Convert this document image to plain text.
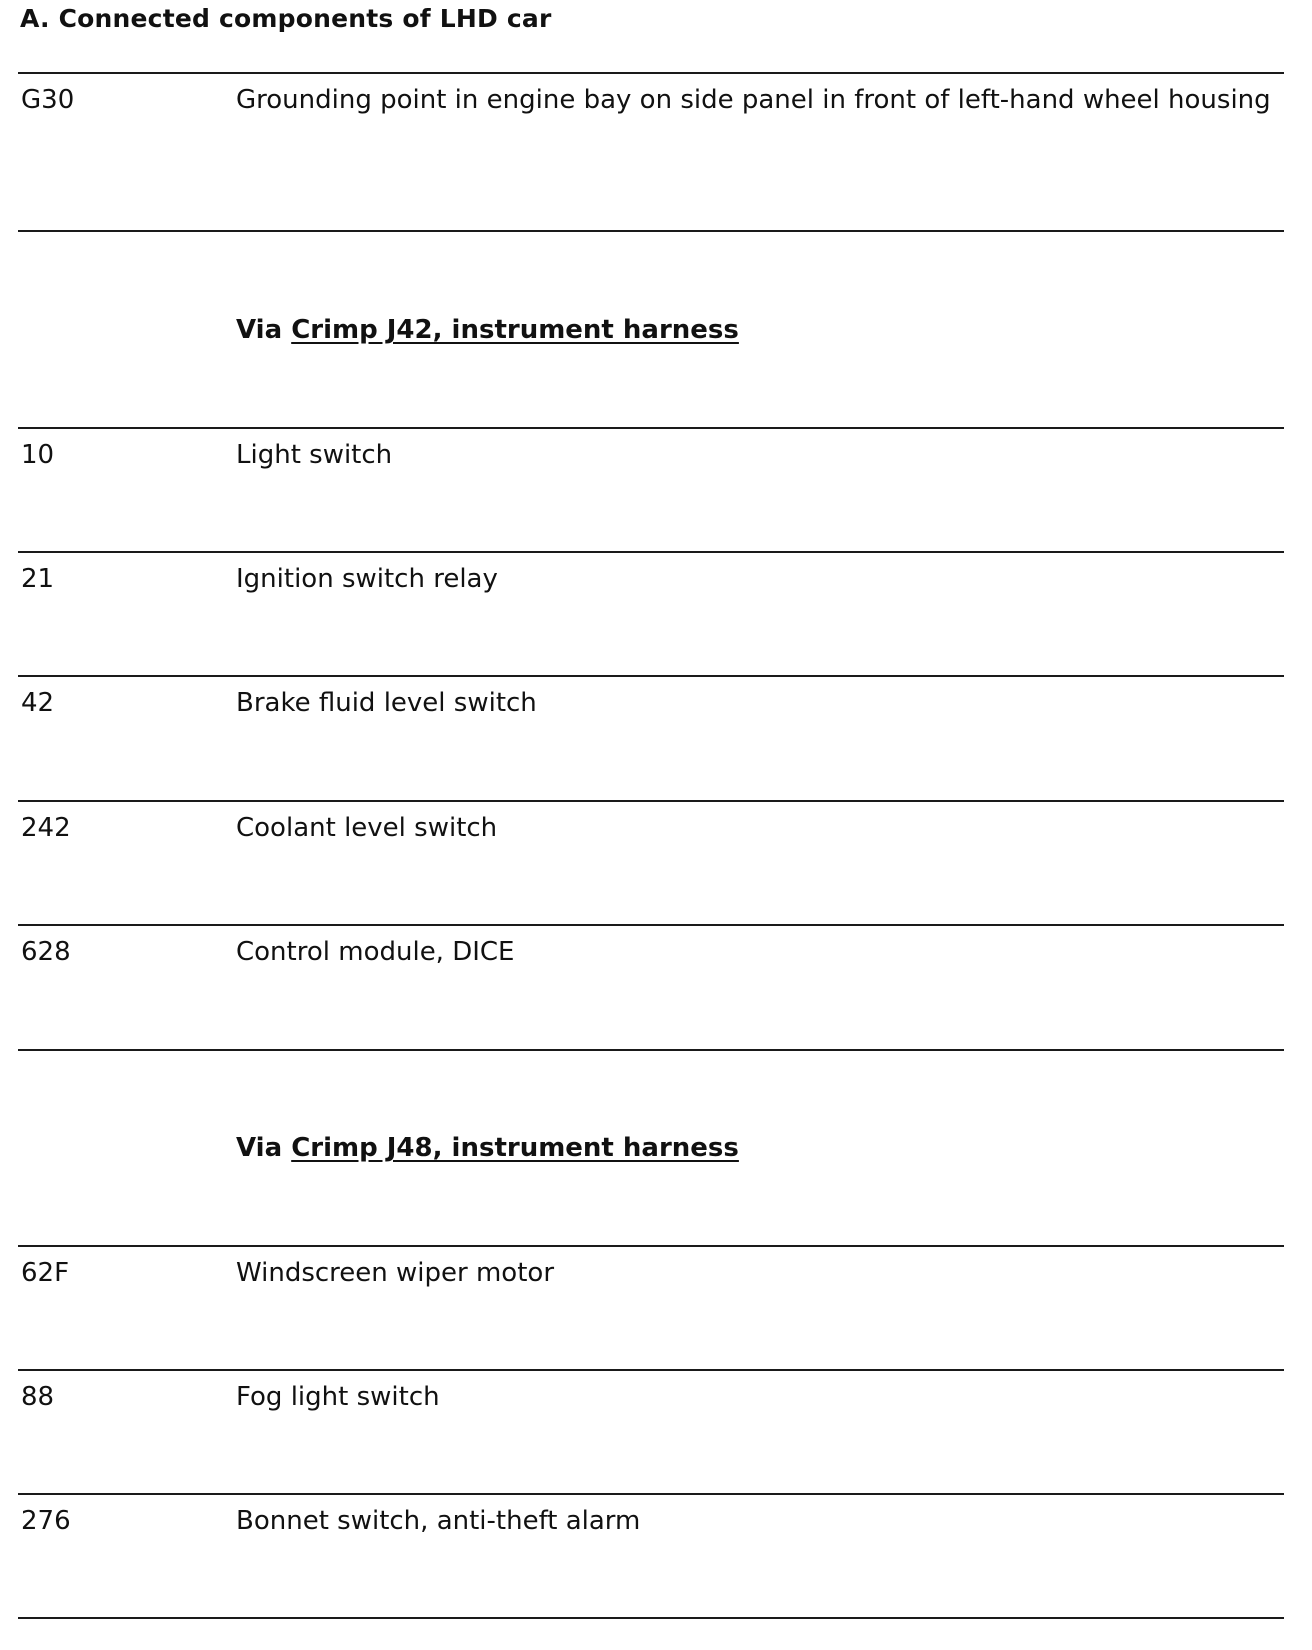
A. Connected components of LHD car
G30	Grounding point in engine bay on side panel in front of left-hand wheel housing
Via Crimp J42, instrument harness
10	Light switch
21	Ignition switch relay
42	Brake fluid level switch
242	Coolant level switch
628	Control module, DICE
Via Crimp J48, instrument harness
62F	Windscreen wiper motor
88	Fog light switch
276	Bonnet switch, anti-theft alarm
